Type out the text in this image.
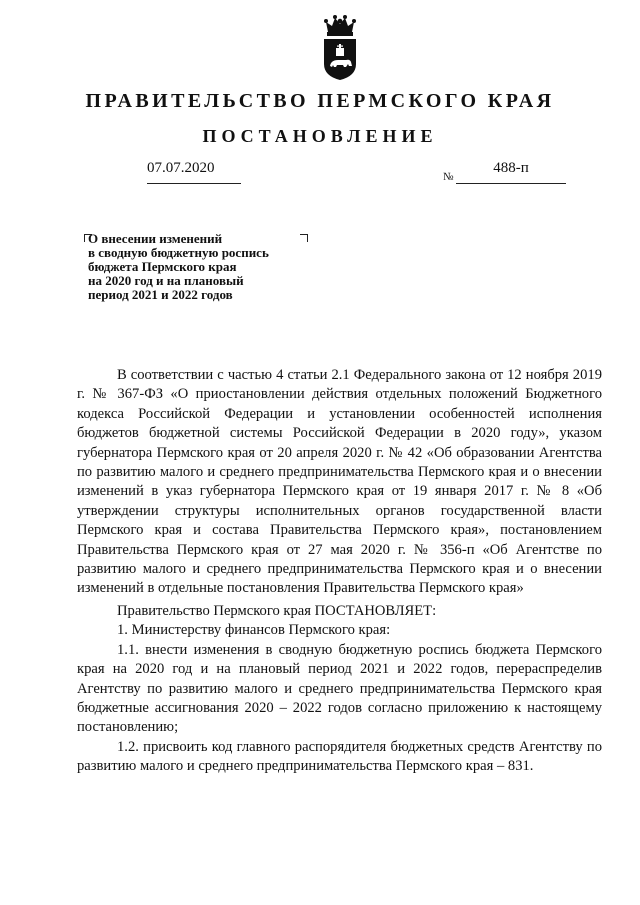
ПРАВИТЕЛЬСТВО ПЕРМСКОГО КРАЯ
ПОСТАНОВЛЕНИЕ
07.07.2020
№
488-п
О внесении изменений
в сводную бюджетную роспись
бюджета Пермского края
на 2020 год и на плановый
период 2021 и 2022 годов

В соответствии с частью 4 статьи 2.1 Федерального закона от 12 ноября 2019 г. № 367-ФЗ «О приостановлении действия отдельных положений Бюджетного кодекса Российской Федерации и установлении особенностей исполнения бюджетов бюджетной системы Российской Федерации в 2020 году», указом губернатора Пермского края от 20 апреля 2020 г. № 42 «Об образовании Агентства по развитию малого и среднего предпринимательства Пермского края и о внесении изменений в указ губернатора Пермского края от 19 января 2017 г. № 8 «Об утверждении структуры исполнительных органов государственной власти Пермского края и состава Правительства Пермского края», постановлением Правительства Пермского края от 27 мая 2020 г. № 356-п «Об Агентстве по развитию малого и среднего предпринимательства Пермского края и о внесении изменений в отдельные постановления Правительства Пермского края»

Правительство Пермского края ПОСТАНОВЛЯЕТ:

1. Министерству финансов Пермского края:

1.1. внести изменения в сводную бюджетную роспись бюджета Пермского края на 2020 год и на плановый период 2021 и 2022 годов, перераспределив Агентству по развитию малого и среднего предпринимательства Пермского края бюджетные ассигнования 2020 – 2022 годов согласно приложению к настоящему постановлению;

1.2. присвоить код главного распорядителя бюджетных средств Агентству по развитию малого и среднего предпринимательства Пермского края – 831.
